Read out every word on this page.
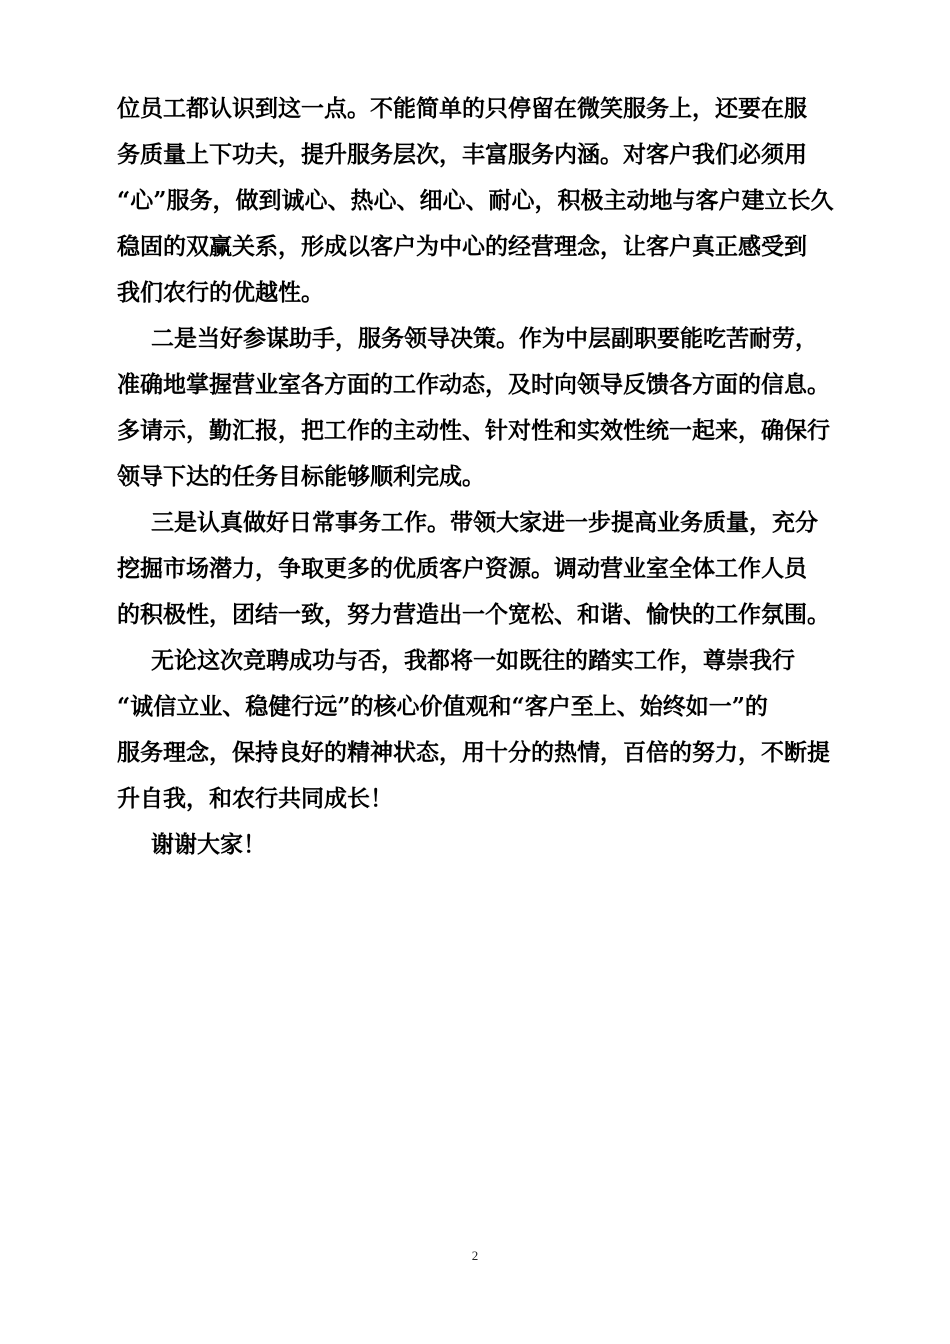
位员工都认识到这一点。不能简单的只停留在微笑服务上，还要在服
务质量上下功夫，提升服务层次，丰富服务内涵。对客户我们必须用
“心”服务，做到诚心、热心、细心、耐心，积极主动地与客户建立长久
稳固的双赢关系，形成以客户为中心的经营理念，让客户真正感受到
我们农行的优越性。
二是当好参谋助手，服务领导决策。作为中层副职要能吃苦耐劳，
准确地掌握营业室各方面的工作动态，及时向领导反馈各方面的信息。
多请示，勤汇报，把工作的主动性、针对性和实效性统一起来，确保行
领导下达的任务目标能够顺利完成。
三是认真做好日常事务工作。带领大家进一步提高业务质量，充分
挖掘市场潜力，争取更多的优质客户资源。调动营业室全体工作人员
的积极性，团结一致，努力营造出一个宽松、和谐、愉快的工作氛围。
无论这次竞聘成功与否，我都将一如既往的踏实工作，尊崇我行
“诚信立业、稳健行远”的核心价值观和“客户至上、始终如一”的
服务理念，保持良好的精神状态，用十分的热情，百倍的努力，不断提
升自我，和农行共同成长！
谢谢大家！
2
